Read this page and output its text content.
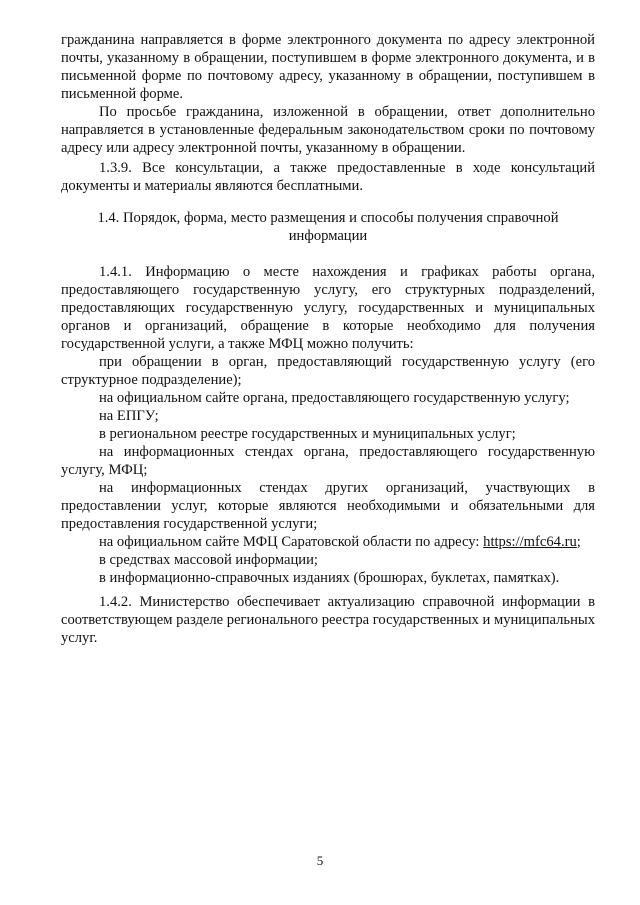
гражданина направляется в форме электронного документа по адресу электронной почты, указанному в обращении, поступившем в форме электронного документа, и в письменной форме по почтовому адресу, указанному в обращении, поступившем в письменной форме.

По просьбе гражданина, изложенной в обращении, ответ дополнительно направляется в установленные федеральным законодательством сроки по почтовому адресу или адресу электронной почты, указанному в обращении.

1.3.9. Все консультации, а также предоставленные в ходе консультаций документы и материалы являются бесплатными.

1.4. Порядок, форма, место размещения и способы получения справочной информации

1.4.1. Информацию о месте нахождения и графиках работы органа, предоставляющего государственную услугу, его структурных подразделений, предоставляющих государственную услугу, государственных и муниципальных органов и организаций, обращение в которые необходимо для получения государственной услуги, а также МФЦ можно получить:

при обращении в орган, предоставляющий государственную услугу (его структурное подразделение);

на официальном сайте органа, предоставляющего государственную услугу;

на ЕПГУ;

в региональном реестре государственных и муниципальных услуг;

на информационных стендах органа, предоставляющего государственную услугу, МФЦ;

на информационных стендах других организаций, участвующих в предоставлении услуг, которые являются необходимыми и обязательными для предоставления государственной услуги;

на официальном сайте МФЦ Саратовской области по адресу: https://mfc64.ru;

в средствах массовой информации;

в информационно-справочных изданиях (брошюрах, буклетах, памятках).

1.4.2. Министерство обеспечивает актуализацию справочной информации в соответствующем разделе регионального реестра государственных и муниципальных услуг.

5
